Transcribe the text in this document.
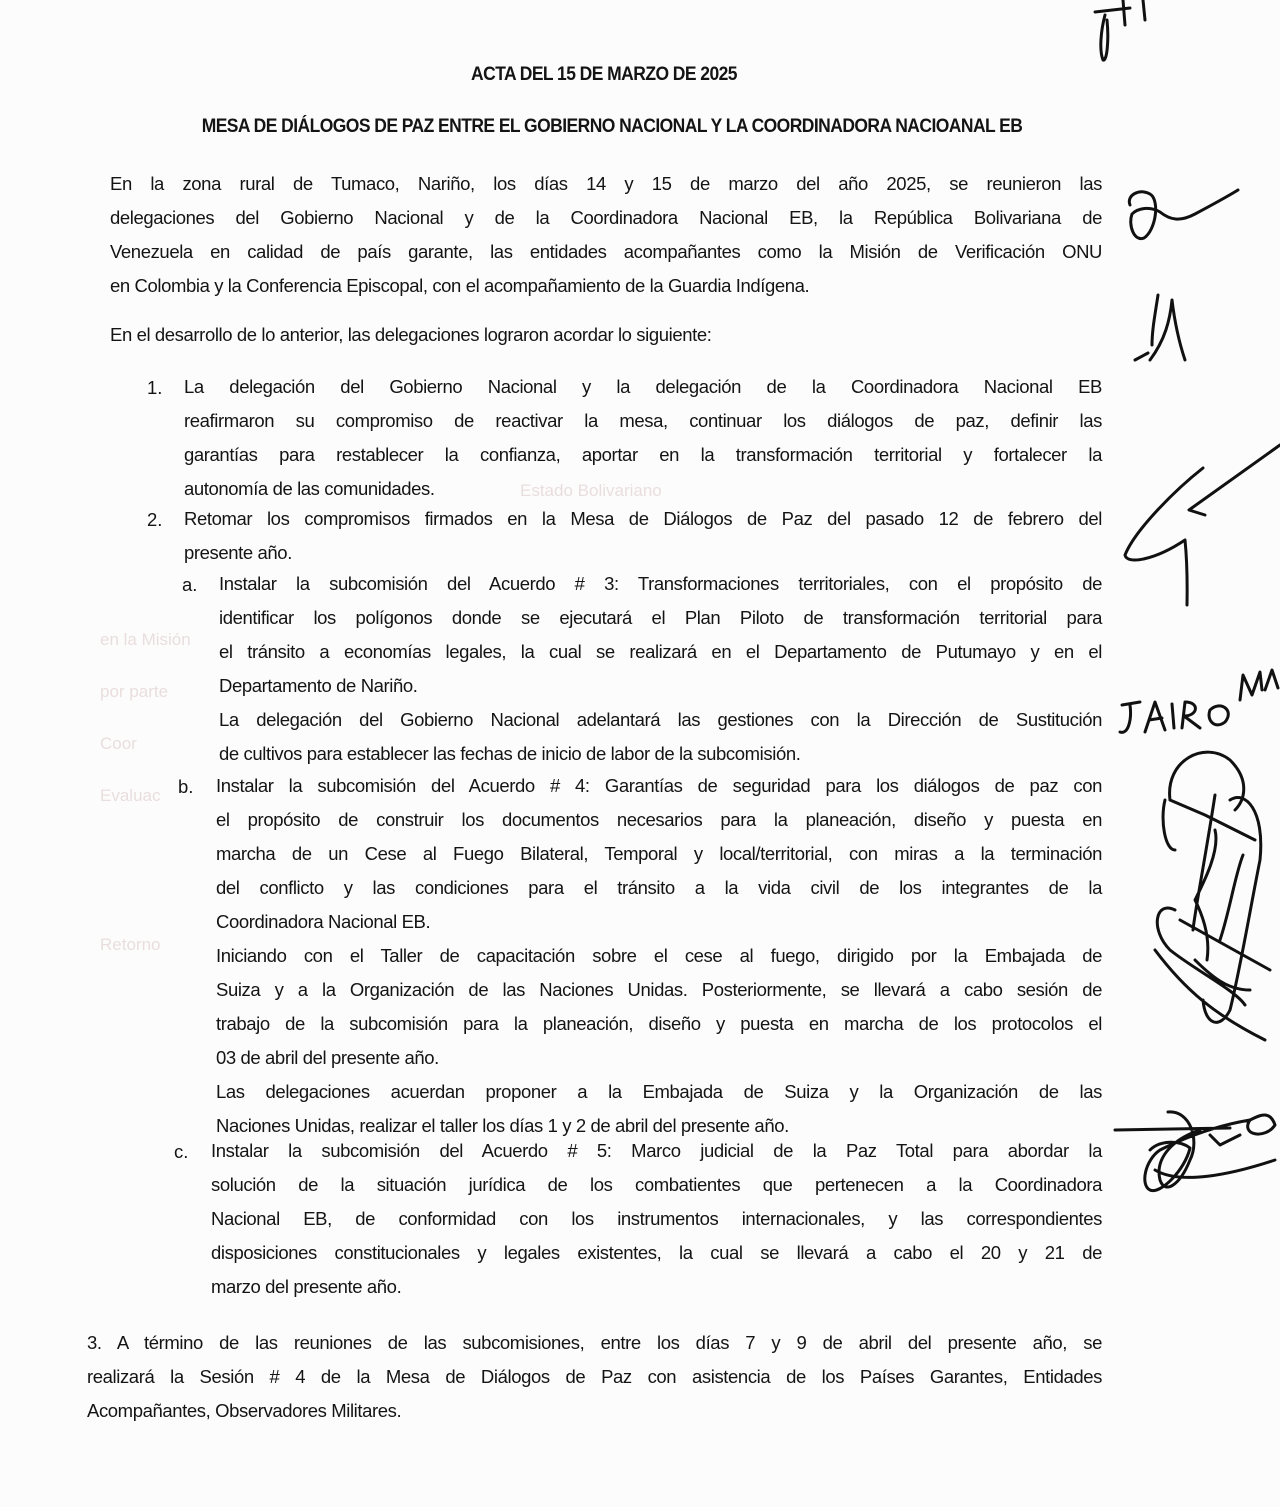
Estado Bolivariano
en la Misión
por parte
Coor
Evaluac
Retorno
ACTA DEL 15 DE MARZO DE 2025
MESA DE DIÁLOGOS DE PAZ ENTRE EL GOBIERNO NACIONAL Y LA COORDINADORA NACIOANAL EB
En la zona rural de Tumaco, Nariño, los días 14 y 15 de marzo del año 2025, se reunieron las
delegaciones del Gobierno Nacional y de la Coordinadora Nacional EB, la República Bolivariana de
Venezuela en calidad de país garante, las entidades acompañantes como la Misión de Verificación ONU
en Colombia y la Conferencia Episcopal, con el acompañamiento de la Guardia Indígena.
En el desarrollo de lo anterior, las delegaciones lograron acordar lo siguiente:
1. La delegación del Gobierno Nacional y la delegación de la Coordinadora Nacional EB
reafirmaron su compromiso de reactivar la mesa, continuar los diálogos de paz, definir las
garantías para restablecer la confianza, aportar en la transformación territorial y fortalecer la
autonomía de las comunidades.
2. Retomar los compromisos firmados en la Mesa de Diálogos de Paz del pasado 12 de febrero del
presente año.
a. Instalar la subcomisión del Acuerdo # 3: Transformaciones territoriales, con el propósito de
identificar los polígonos donde se ejecutará el Plan Piloto de transformación territorial para
el tránsito a economías legales, la cual se realizará en el Departamento de Putumayo y en el
Departamento de Nariño.
La delegación del Gobierno Nacional adelantará las gestiones con la Dirección de Sustitución
de cultivos para establecer las fechas de inicio de labor de la subcomisión.
b. Instalar la subcomisión del Acuerdo # 4: Garantías de seguridad para los diálogos de paz con
el propósito de construir los documentos necesarios para la planeación, diseño y puesta en
marcha de un Cese al Fuego Bilateral, Temporal y local/territorial, con miras a la terminación
del conflicto y las condiciones para el tránsito a la vida civil de los integrantes de la
Coordinadora Nacional EB.
Iniciando con el Taller de capacitación sobre el cese al fuego, dirigido por la Embajada de
Suiza y a la Organización de las Naciones Unidas. Posteriormente, se llevará a cabo sesión de
trabajo de la subcomisión para la planeación, diseño y puesta en marcha de los protocolos el
03 de abril del presente año.
Las delegaciones acuerdan proponer a la Embajada de Suiza y la Organización de las
Naciones Unidas, realizar el taller los días 1 y 2 de abril del presente año.
c. Instalar la subcomisión del Acuerdo # 5: Marco judicial de la Paz Total para abordar la
solución de la situación jurídica de los combatientes que pertenecen a la Coordinadora
Nacional EB, de conformidad con los instrumentos internacionales, y las correspondientes
disposiciones constitucionales y legales existentes, la cual se llevará a cabo el 20 y 21 de
marzo del presente año.
3. A término de las reuniones de las subcomisiones, entre los días 7 y 9 de abril del presente año, se
realizará la Sesión # 4 de la Mesa de Diálogos de Paz con asistencia de los Países Garantes, Entidades
Acompañantes, Observadores Militares.
